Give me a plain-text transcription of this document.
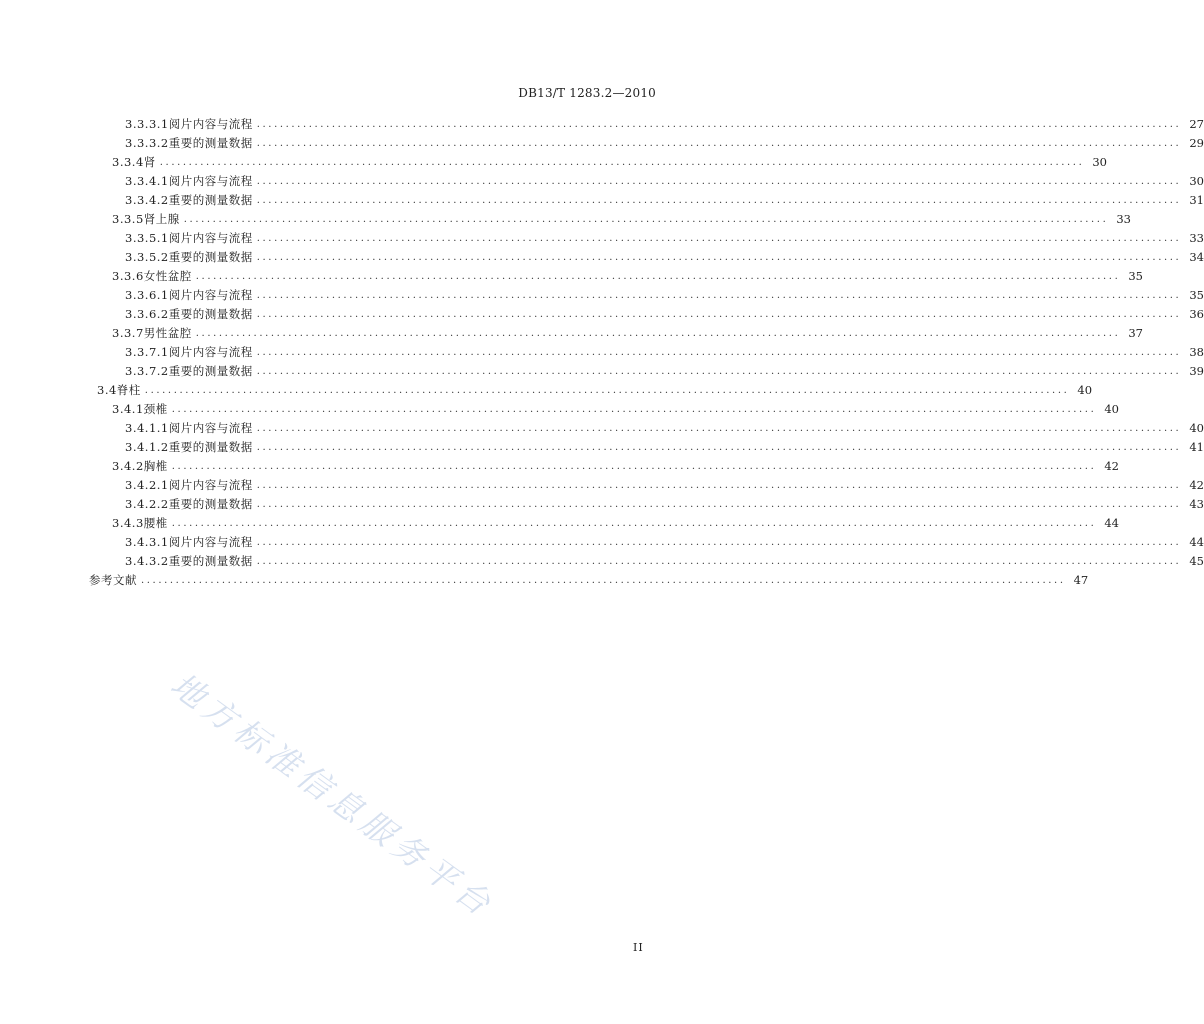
DB13/T 1283.2—2010
3.3.3.1 阅片内容与流程 ................................................................................................................................................................ 27
3.3.3.2 重要的测量数据 ................................................................................................................................................................ 29
3.3.4 肾 ................................................................................................................................................................ 30
3.3.4.1 阅片内容与流程 ................................................................................................................................................................ 30
3.3.4.2 重要的测量数据 ................................................................................................................................................................ 31
3.3.5 肾上腺 ................................................................................................................................................................ 33
3.3.5.1 阅片内容与流程 ................................................................................................................................................................ 33
3.3.5.2 重要的测量数据 ................................................................................................................................................................ 34
3.3.6 女性盆腔 ................................................................................................................................................................ 35
3.3.6.1 阅片内容与流程 ................................................................................................................................................................ 35
3.3.6.2 重要的测量数据 ................................................................................................................................................................ 36
3.3.7 男性盆腔 ................................................................................................................................................................ 37
3.3.7.1 阅片内容与流程 ................................................................................................................................................................ 38
3.3.7.2 重要的测量数据 ................................................................................................................................................................ 39
3.4 脊柱 ................................................................................................................................................................ 40
3.4.1 颈椎 ................................................................................................................................................................ 40
3.4.1.1 阅片内容与流程 ................................................................................................................................................................ 40
3.4.1.2 重要的测量数据 ................................................................................................................................................................ 41
3.4.2 胸椎 ................................................................................................................................................................ 42
3.4.2.1 阅片内容与流程 ................................................................................................................................................................ 42
3.4.2.2 重要的测量数据 ................................................................................................................................................................ 43
3.4.3 腰椎 ................................................................................................................................................................ 44
3.4.3.1 阅片内容与流程 ................................................................................................................................................................ 44
3.4.3.2 重要的测量数据 ................................................................................................................................................................ 45
参考文献 ................................................................................................................................................................ 47
地方标准信息服务平台
II
